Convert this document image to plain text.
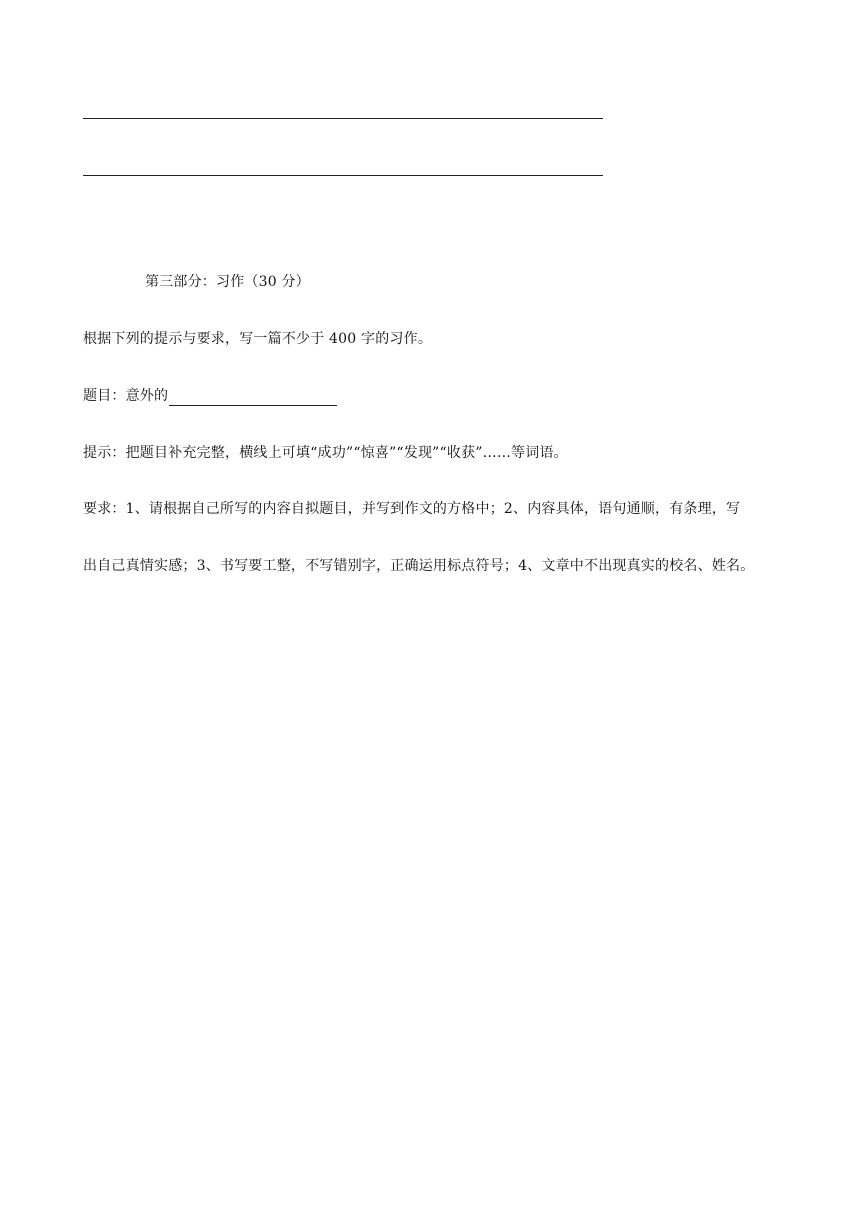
第三部分：习作（30 分）
根据下列的提示与要求，写一篇不少于 400 字的习作。
题目：意外的
提示：把题目补充完整，横线上可填“成功”“惊喜”“发现”“收获”……等词语。
要求：1、请根据自己所写的内容自拟题目，并写到作文的方格中；2、内容具体，语句通顺，有条理，写
出自己真情实感；3、书写要工整，不写错别字，正确运用标点符号；4、文章中不出现真实的校名、姓名。
